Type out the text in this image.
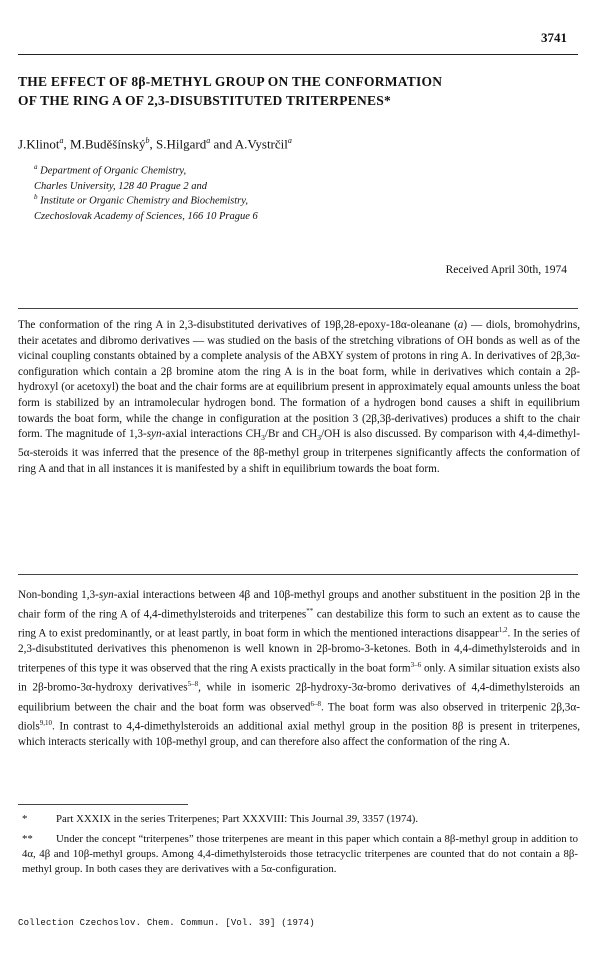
3741
THE EFFECT OF 8β-METHYL GROUP ON THE CONFORMATION
OF THE RING A OF 2,3-DISUBSTITUTED TRITERPENES*
J.Klinot$^a$, M.Buděšínský$^b$, S.Hilgard$^a$ and A.Vystrčil$^a$
$^a$ Department of Organic Chemistry,
Charles University, 128 40 Prague 2 and
$^b$ Institute or Organic Chemistry and Biochemistry,
Czechoslovak Academy of Sciences, 166 10 Prague 6
Received April 30th, 1974

The conformation of the ring A in 2,3-disubstituted derivatives of 19β,28-epoxy-18α-oleanane (a) — diols, bromohydrins, their acetates and dibromo derivatives — was studied on the basis of the stretching vibrations of OH bonds as well as of the vicinal coupling constants obtained by a complete analysis of the ABXY system of protons in ring A. In derivatives of 2β,3α-configuration which contain a 2β bromine atom the ring A is in the boat form, while in derivatives which contain a 2β-hydroxyl (or acetoxyl) the boat and the chair forms are at equilibrium present in approximately equal amounts unless the boat form is stabilized by an intramolecular hydrogen bond. The formation of a hydrogen bond causes a shift in equilibrium towards the boat form, while the change in configuration at the position 3 (2β,3β-derivatives) produces a shift to the chair form. The magnitude of 1,3-syn-axial interactions $CH_3/Br$ and $CH_3/OH$ is also discussed. By comparison with 4,4-dimethyl-5α-steroids it was inferred that the presence of the 8β-methyl group in triterpenes significantly affects the conformation of ring A and that in all instances it is manifested by a shift in equilibrium towards the boat form.

Non-bonding 1,3-syn-axial interactions between 4β and 10β-methyl groups and another substituent in the position 2β in the chair form of the ring A of 4,4-dimethylsteroids and triterpenes** can destabilize this form to such an extent as to cause the ring A to exist predominantly, or at least partly, in boat form in which the mentioned interactions disappear$^{1,2}$. In the series of 2,3-disubstituted derivatives this phenomenon is well known in 2β-bromo-3-ketones. Both in 4,4-dimethylsteroids and in triterpenes of this type it was observed that the ring A exists practically in the boat form$^{3-6}$ only. A similar situation exists also in 2β-bromo-3α-hydroxy derivatives$^{5-8}$, while in isomeric 2β-hydroxy-3α-bromo derivatives of 4,4-dimethylsteroids an equilibrium between the chair and the boat form was observed$^{6-8}$. The boat form was also observed in triterpenic 2β,3α-diols$^{9,10}$. In contrast to 4,4-dimethylsteroids an additional axial methyl group in the position 8β is present in triterpenes, which interacts sterically with 10β-methyl group, and can therefore also affect the conformation of the ring A.

*	Part XXXIX in the series Triterpenes; Part XXXVIII: This Journal 39, 3357 (1974).

** Under the concept “triterpenes” those triterpenes are meant in this paper which contain a 8β-methyl group in addition to 4α, 4β and 10β-methyl groups. Among 4,4-dimethylsteroids those tetracyclic triterpenes are counted that do not contain a 8β-methyl group. In both cases they are derivatives with a 5α-configuration.

Collection Czechoslov. Chem. Commun. [Vol. 39] (1974)
